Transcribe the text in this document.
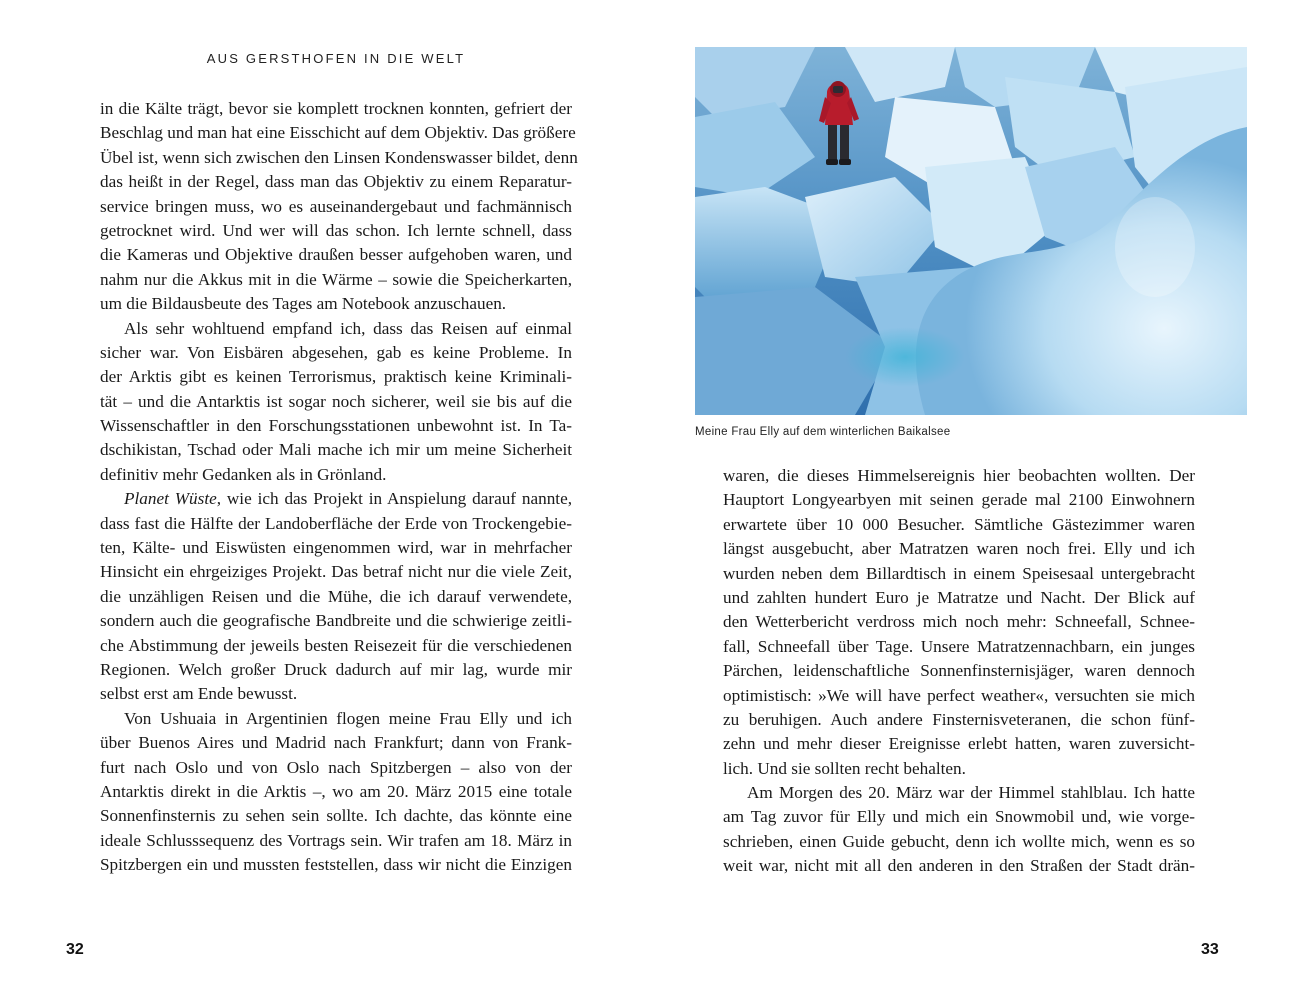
AUS GERSTHOFEN IN DIE WELT
in die Kälte trägt, bevor sie komplett trocknen konnten, gefriert der
Beschlag und man hat eine Eisschicht auf dem Objektiv. Das größere
Übel ist, wenn sich zwischen den Linsen Kondenswasser bildet, denn
das heißt in der Regel, dass man das Objektiv zu einem Reparatur-
service bringen muss, wo es auseinandergebaut und fachmännisch
getrocknet wird. Und wer will das schon. Ich lernte schnell, dass
die Kameras und Objektive draußen besser aufgehoben waren, und
nahm nur die Akkus mit in die Wärme – sowie die Speicherkarten,
um die Bildausbeute des Tages am Notebook anzuschauen.
Als sehr wohltuend empfand ich, dass das Reisen auf einmal
sicher war. Von Eisbären abgesehen, gab es keine Probleme. In
der Arktis gibt es keinen Terrorismus, praktisch keine Kriminali-
tät – und die Antarktis ist sogar noch sicherer, weil sie bis auf die
Wissenschaftler in den Forschungsstationen unbewohnt ist. In Ta-
dschikistan, Tschad oder Mali mache ich mir um meine Sicherheit
definitiv mehr Gedanken als in Grönland.
Planet Wüste, wie ich das Projekt in Anspielung darauf nannte,
dass fast die Hälfte der Landoberfläche der Erde von Trockengebie-
ten, Kälte- und Eiswüsten eingenommen wird, war in mehrfacher
Hinsicht ein ehrgeiziges Projekt. Das betraf nicht nur die viele Zeit,
die unzähligen Reisen und die Mühe, die ich darauf verwendete,
sondern auch die geografische Bandbreite und die schwierige zeitli-
che Abstimmung der jeweils besten Reisezeit für die verschiedenen
Regionen. Welch großer Druck dadurch auf mir lag, wurde mir
selbst erst am Ende bewusst.
Von Ushuaia in Argentinien flogen meine Frau Elly und ich
über Buenos Aires und Madrid nach Frankfurt; dann von Frank-
furt nach Oslo und von Oslo nach Spitzbergen – also von der
Antarktis direkt in die Arktis –, wo am 20. März 2015 eine totale
Sonnenfinsternis zu sehen sein sollte. Ich dachte, das könnte eine
ideale Schlusssequenz des Vortrags sein. Wir trafen am 18. März in
Spitzbergen ein und mussten feststellen, dass wir nicht die Einzigen
32
Meine Frau Elly auf dem winterlichen Baikalsee
waren, die dieses Himmelsereignis hier beobachten wollten. Der
Hauptort Longyearbyen mit seinen gerade mal 2100 Einwohnern
erwartete über 10 000 Besucher. Sämtliche Gästezimmer waren
längst ausgebucht, aber Matratzen waren noch frei. Elly und ich
wurden neben dem Billardtisch in einem Speisesaal untergebracht
und zahlten hundert Euro je Matratze und Nacht. Der Blick auf
den Wetterbericht verdross mich noch mehr: Schneefall, Schnee-
fall, Schneefall über Tage. Unsere Matratzennachbarn, ein junges
Pärchen, leidenschaftliche Sonnenfinsternisjäger, waren dennoch
optimistisch: »We will have perfect weather«, versuchten sie mich
zu beruhigen. Auch andere Finsternisveteranen, die schon fünf-
zehn und mehr dieser Ereignisse erlebt hatten, waren zuversicht-
lich. Und sie sollten recht behalten.
Am Morgen des 20. März war der Himmel stahlblau. Ich hatte
am Tag zuvor für Elly und mich ein Snowmobil und, wie vorge-
schrieben, einen Guide gebucht, denn ich wollte mich, wenn es so
weit war, nicht mit all den anderen in den Straßen der Stadt drän-
33
